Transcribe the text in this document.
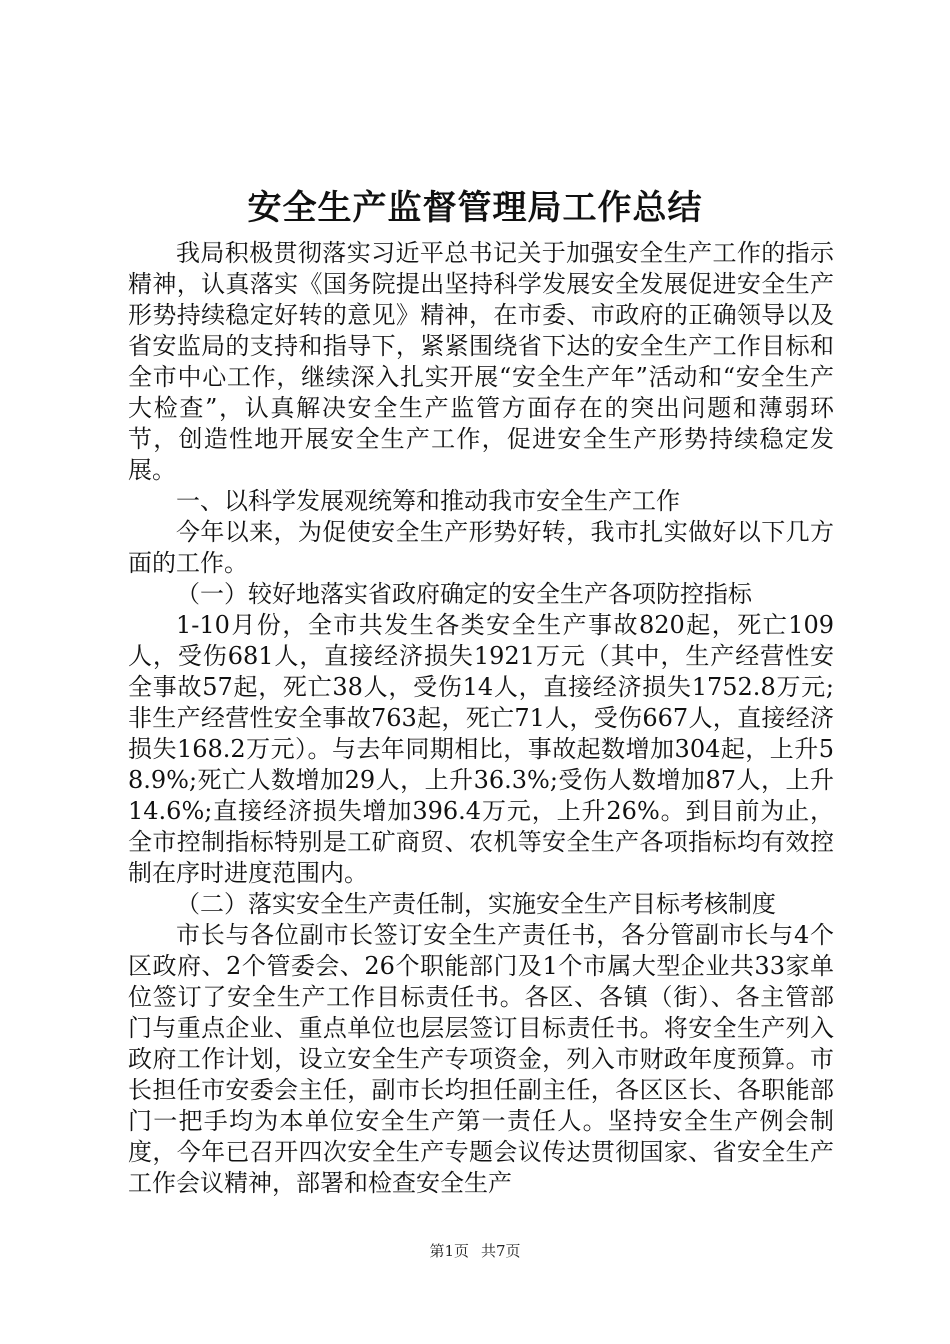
安全生产监督管理局工作总结

我局积极贯彻落实习近平总书记关于加强安全生产工作的指示精神，认真落实《国务院提出坚持科学发展安全发展促进安全生产形势持续稳定好转的意见》精神，在市委、市政府的正确领导以及省安监局的支持和指导下，紧紧围绕省下达的安全生产工作目标和全市中心工作，继续深入扎实开展“安全生产年”活动和“安全生产大检查”，认真解决安全生产监管方面存在的突出问题和薄弱环节，创造性地开展安全生产工作，促进安全生产形势持续稳定发展。

一、以科学发展观统筹和推动我市安全生产工作

今年以来，为促使安全生产形势好转，我市扎实做好以下几方面的工作。

（一）较好地落实省政府确定的安全生产各项防控指标

1-10月份，全市共发生各类安全生产事故820起，死亡109人，受伤681人，直接经济损失1921万元（其中，生产经营性安全事故57起，死亡38人，受伤14人，直接经济损失1752.8万元;非生产经营性安全事故763起，死亡71人，受伤667人，直接经济损失168.2万元）。与去年同期相比，事故起数增加304起，上升58.9%;死亡人数增加29人，上升36.3%;受伤人数增加87人，上升14.6%;直接经济损失增加396.4万元，上升26%。到目前为止，全市控制指标特别是工矿商贸、农机等安全生产各项指标均有效控制在序时进度范围内。

（二）落实安全生产责任制，实施安全生产目标考核制度

市长与各位副市长签订安全生产责任书，各分管副市长与4个区政府、2个管委会、26个职能部门及1个市属大型企业共33家单位签订了安全生产工作目标责任书。各区、各镇（街）、各主管部门与重点企业、重点单位也层层签订目标责任书。将安全生产列入政府工作计划，设立安全生产专项资金，列入市财政年度预算。市长担任市安委会主任，副市长均担任副主任，各区区长、各职能部门一把手均为本单位安全生产第一责任人。坚持安全生产例会制度，今年已召开四次安全生产专题会议传达贯彻国家、省安全生产工作会议精神，部署和检查安全生产

第1页 共7页
